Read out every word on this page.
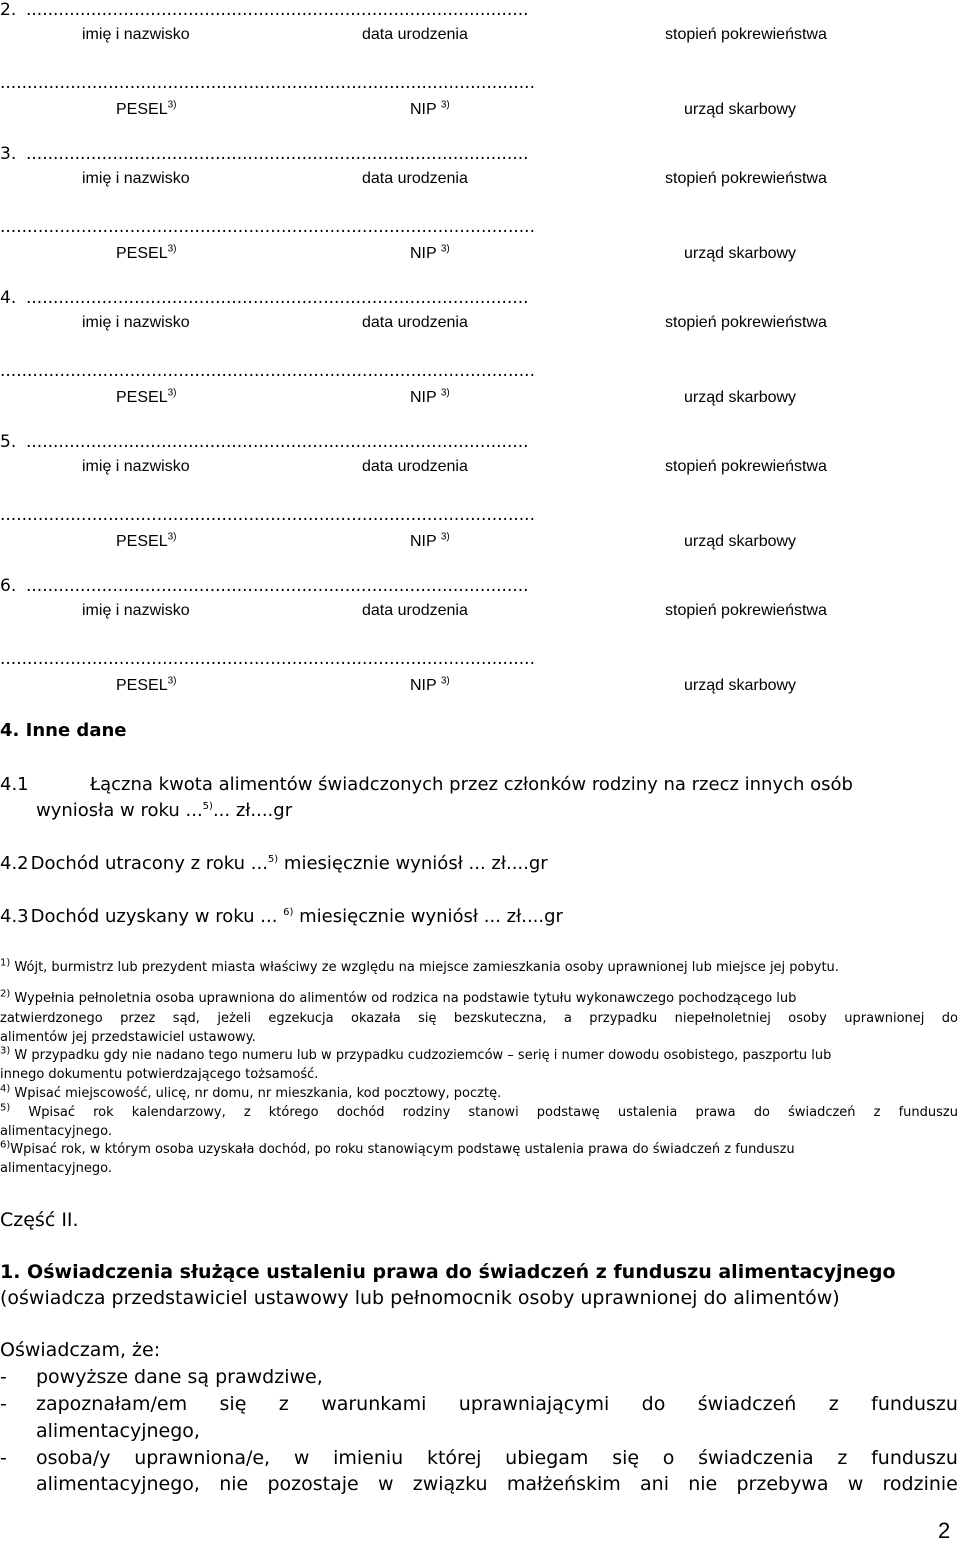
2. .............................................................................................
imię i nazwisko	data urodzenia	stopień pokrewieństwa
...................................................................................................
PESEL$^{3)}$	NIP $^{3)}$	urząd skarbowy
3. .............................................................................................
imię i nazwisko	data urodzenia	stopień pokrewieństwa
...................................................................................................
PESEL$^{3)}$	NIP $^{3)}$	urząd skarbowy
4. .............................................................................................
imię i nazwisko	data urodzenia	stopień pokrewieństwa
...................................................................................................
PESEL$^{3)}$	NIP $^{3)}$	urząd skarbowy
5. .............................................................................................
imię i nazwisko	data urodzenia	stopień pokrewieństwa
...................................................................................................
PESEL$^{3)}$	NIP $^{3)}$	urząd skarbowy
6. .............................................................................................
imię i nazwisko	data urodzenia	stopień pokrewieństwa
...................................................................................................
PESEL$^{3)}$	NIP $^{3)}$	urząd skarbowy
4. Inne dane
4.1	Łączna kwota alimentów świadczonych przez członków rodziny na rzecz innych osób
wyniosła w roku ...$^{5)}$... zł....gr
4.2 Dochód utracony z roku ...$^{5)}$ miesięcznie wyniósł ... zł....gr
4.3 Dochód uzyskany w roku ... $^{6)}$ miesięcznie wyniósł ... zł....gr
$^{1)}$ Wójt, burmistrz lub prezydent miasta właściwy ze względu na miejsce zamieszkania osoby uprawnionej lub miejsce jej pobytu.
$^{2)}$ Wypełnia pełnoletnia osoba uprawniona do alimentów od rodzica na podstawie tytułu wykonawczego pochodzącego lub
zatwierdzonego przez sąd, jeżeli egzekucja okazała się bezskuteczna, a przypadku niepełnoletniej osoby uprawnionej do
alimentów jej przedstawiciel ustawowy.
$^{3)}$ W przypadku gdy nie nadano tego numeru lub w przypadku cudzoziemców – serię i numer dowodu osobistego, paszportu lub
innego dokumentu potwierdzającego tożsamość.
$^{4)}$ Wpisać miejscowość, ulicę, nr domu, nr mieszkania, kod pocztowy, pocztę.
$^{5)}$ Wpisać rok kalendarzowy, z którego dochód rodziny stanowi podstawę ustalenia prawa do świadczeń z funduszu
alimentacyjnego.
$^{6)}$Wpisać rok, w którym osoba uzyskała dochód, po roku stanowiącym podstawę ustalenia prawa do świadczeń z funduszu
alimentacyjnego.
Część II.
1. Oświadczenia służące ustaleniu prawa do świadczeń z funduszu alimentacyjnego
(oświadcza przedstawiciel ustawowy lub pełnomocnik osoby uprawnionej do alimentów)
Oświadczam, że:
- powyższe dane są prawdziwe,
- zapoznałam/em się z warunkami uprawniającymi do świadczeń z funduszu
alimentacyjnego,
- osoba/y uprawniona/e, w imieniu której ubiegam się o świadczenia z funduszu
alimentacyjnego, nie pozostaje w związku małżeńskim ani nie przebywa w rodzinie
2
